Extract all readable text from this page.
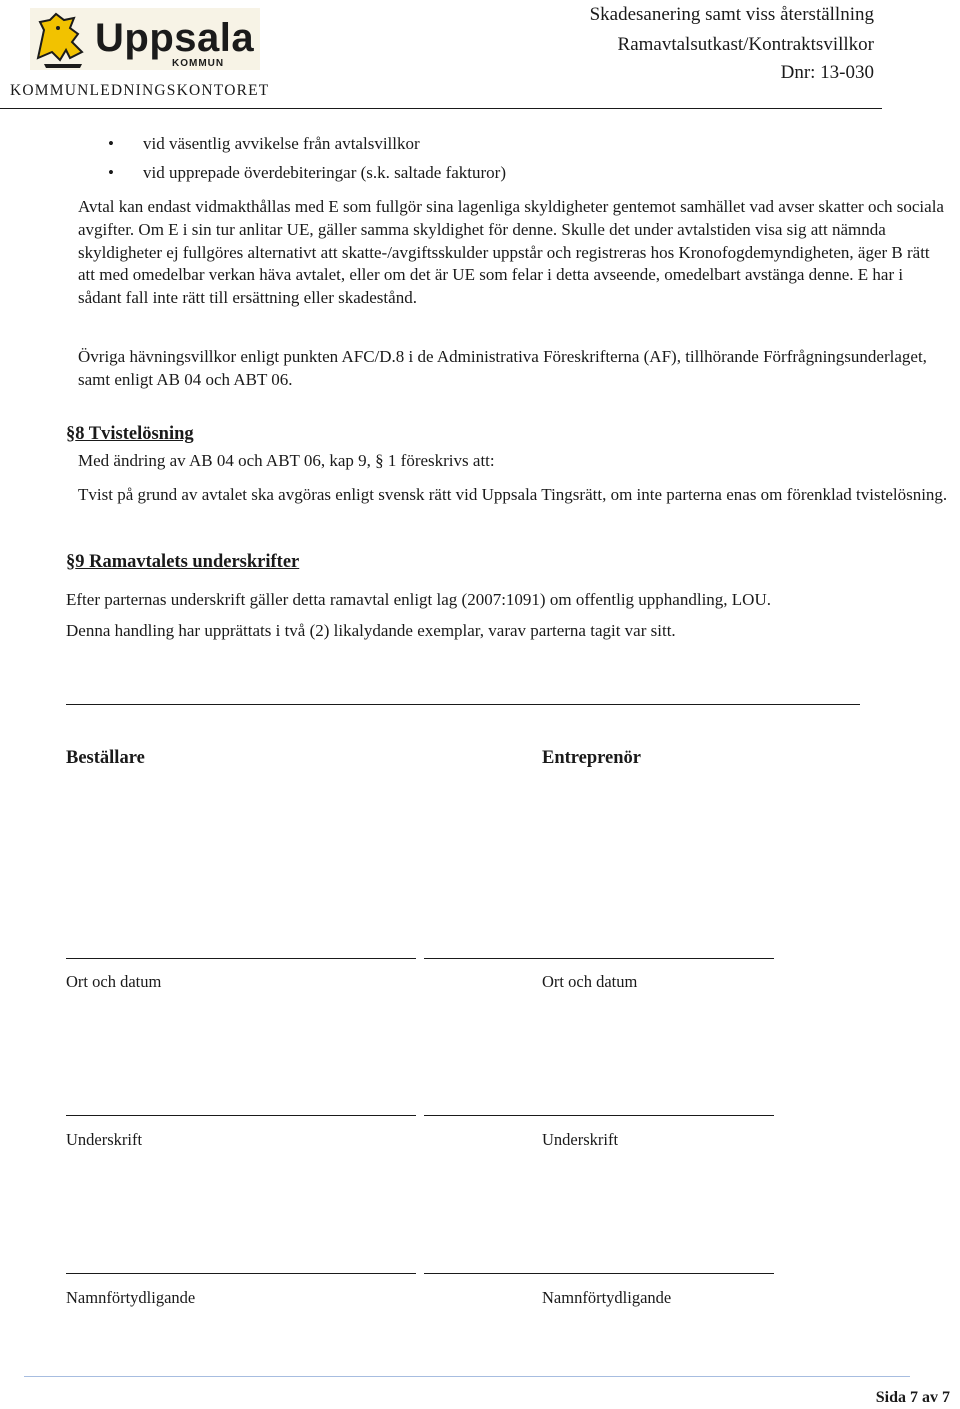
Uppsala
KOMMUN
KOMMUNLEDNINGSKONTORET
Skadesanering samt viss återställning
Ramavtalsutkast/Kontraktsvillkor
Dnr: 13-030
• vid väsentlig avvikelse från avtalsvillkor
• vid upprepade överdebiteringar (s.k. saltade fakturor)
Avtal kan endast vidmakthållas med E som fullgör sina lagenliga skyldigheter gentemot samhället vad avser skatter och sociala avgifter. Om E i sin tur anlitar UE, gäller samma skyldighet för denne. Skulle det under avtalstiden visa sig att nämnda skyldigheter ej fullgöres alternativt att skatte-/avgiftsskulder uppstår och registreras hos Kronofogdemyndigheten, äger B rätt att med omedelbar verkan häva avtalet, eller om det är UE som felar i detta avseende, omedelbart avstänga denne. E har i sådant fall inte rätt till ersättning eller skadestånd.
Övriga hävningsvillkor enligt punkten AFC/D.8 i de Administrativa Föreskrifterna (AF), tillhörande Förfrågningsunderlaget, samt enligt AB 04 och ABT 06.
§8 Tvistelösning
Med ändring av AB 04 och ABT 06, kap 9, § 1 föreskrivs att:
Tvist på grund av avtalet ska avgöras enligt svensk rätt vid Uppsala Tingsrätt, om inte parterna enas om förenklad tvistelösning.
§9 Ramavtalets underskrifter
Efter parternas underskrift gäller detta ramavtal enligt lag (2007:1091) om offentlig upphandling, LOU.
Denna handling har upprättats i två (2) likalydande exemplar, varav parterna tagit var sitt.
Beställare	Entreprenör
Ort och datum	Ort och datum
Underskrift	Underskrift
Namnförtydligande	Namnförtydligande
Sida 7 av 7
